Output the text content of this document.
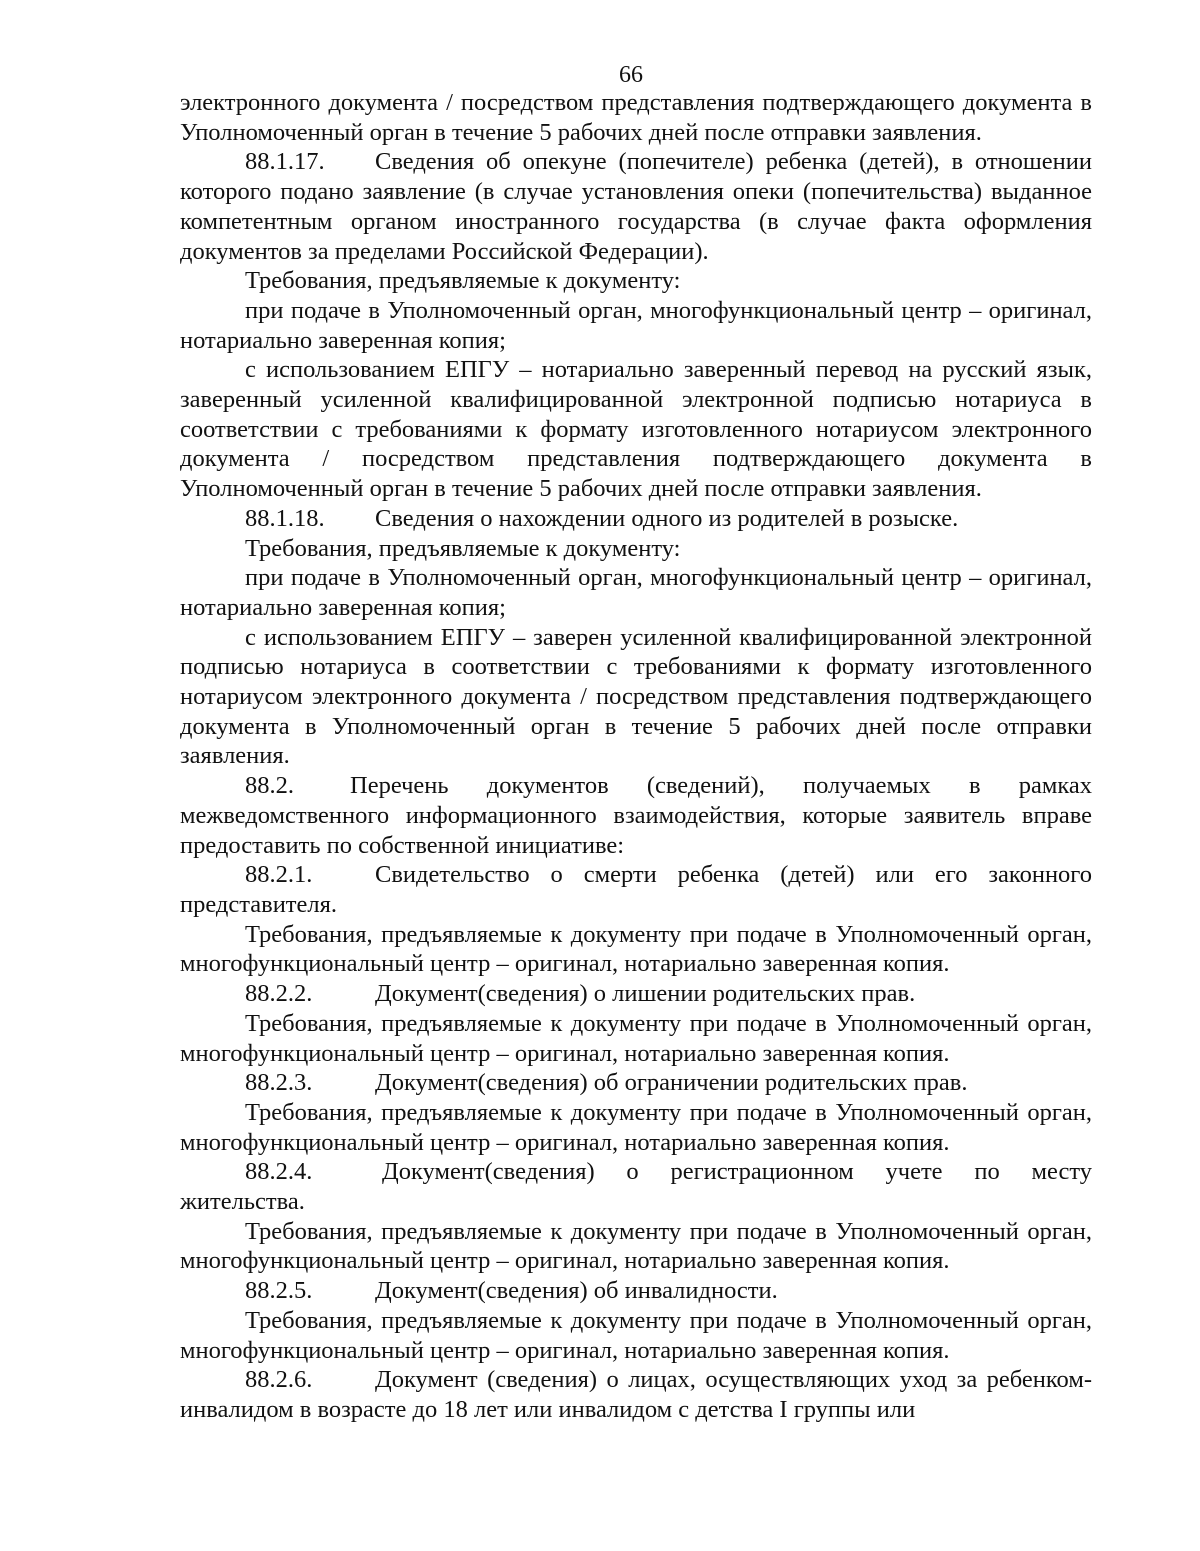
66

электронного документа / посредством представления подтверждающего документа в Уполномоченный орган в течение 5 рабочих дней после отправки заявления.

88.1.17. Сведения об опекуне (попечителе) ребенка (детей), в отношении которого подано заявление (в случае установления опеки (попечительства) выданное компетентным органом иностранного государства (в случае факта оформления документов за пределами Российской Федерации).

Требования, предъявляемые к документу:

при подаче в Уполномоченный орган, многофункциональный центр – оригинал, нотариально заверенная копия;

с использованием ЕПГУ – нотариально заверенный перевод на русский язык, заверенный усиленной квалифицированной электронной подписью нотариуса в соответствии с требованиями к формату изготовленного нотариусом электронного документа / посредством представления подтверждающего документа в Уполномоченный орган в течение 5 рабочих дней после отправки заявления.

88.1.18. Сведения о нахождении одного из родителей в розыске.

Требования, предъявляемые к документу:

при подаче в Уполномоченный орган, многофункциональный центр – оригинал, нотариально заверенная копия;

с использованием ЕПГУ – заверен усиленной квалифицированной электронной подписью нотариуса в соответствии с требованиями к формату изготовленного нотариусом электронного документа / посредством представления подтверждающего документа в Уполномоченный орган в течение 5 рабочих дней после отправки заявления.

88.2. Перечень документов (сведений), получаемых в рамках межведомственного информационного взаимодействия, которые заявитель вправе предоставить по собственной инициативе:

88.2.1.	Свидетельство о смерти ребенка (детей) или его законного представителя.

Требования, предъявляемые к документу при подаче в Уполномоченный орган, многофункциональный центр – оригинал, нотариально заверенная копия.

88.2.2.	Документ(сведения) о лишении родительских прав.

Требования, предъявляемые к документу при подаче в Уполномоченный орган, многофункциональный центр – оригинал, нотариально заверенная копия.

88.2.3.	Документ(сведения) об ограничении родительских прав.

Требования, предъявляемые к документу при подаче в Уполномоченный орган, многофункциональный центр – оригинал, нотариально заверенная копия.

88.2.4.	Документ(сведения) о регистрационном учете по месту жительства.

Требования, предъявляемые к документу при подаче в Уполномоченный орган, многофункциональный центр – оригинал, нотариально заверенная копия.

88.2.5.	Документ(сведения) об инвалидности.

Требования, предъявляемые к документу при подаче в Уполномоченный орган, многофункциональный центр – оригинал, нотариально заверенная копия.

88.2.6.	Документ (сведения) о лицах, осуществляющих уход за ребенком-инвалидом в возрасте до 18 лет или инвалидом с детства I группы или
